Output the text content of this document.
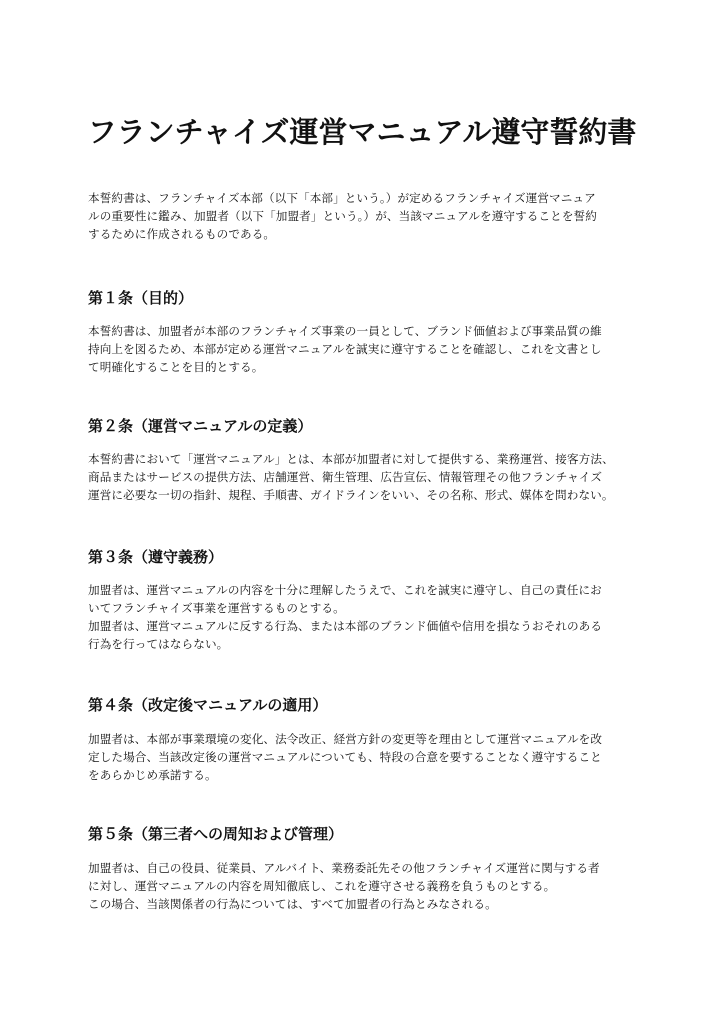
フランチャイズ運営マニュアル遵守誓約書
本誓約書は、フランチャイズ本部（以下「本部」という。）が定めるフランチャイズ運営マニュア
ルの重要性に鑑み、加盟者（以下「加盟者」という。）が、当該マニュアルを遵守することを誓約
するために作成されるものである。
第１条（目的）
本誓約書は、加盟者が本部のフランチャイズ事業の一員として、ブランド価値および事業品質の維
持向上を図るため、本部が定める運営マニュアルを誠実に遵守することを確認し、これを文書とし
て明確化することを目的とする。
第２条（運営マニュアルの定義）
本誓約書において「運営マニュアル」とは、本部が加盟者に対して提供する、業務運営、接客方法、
商品またはサービスの提供方法、店舗運営、衛生管理、広告宣伝、情報管理その他フランチャイズ
運営に必要な一切の指針、規程、手順書、ガイドラインをいい、その名称、形式、媒体を問わない。
第３条（遵守義務）
加盟者は、運営マニュアルの内容を十分に理解したうえで、これを誠実に遵守し、自己の責任にお
いてフランチャイズ事業を運営するものとする。
加盟者は、運営マニュアルに反する行為、または本部のブランド価値や信用を損なうおそれのある
行為を行ってはならない。
第４条（改定後マニュアルの適用）
加盟者は、本部が事業環境の変化、法令改正、経営方針の変更等を理由として運営マニュアルを改
定した場合、当該改定後の運営マニュアルについても、特段の合意を要することなく遵守すること
をあらかじめ承諾する。
第５条（第三者への周知および管理）
加盟者は、自己の役員、従業員、アルバイト、業務委託先その他フランチャイズ運営に関与する者
に対し、運営マニュアルの内容を周知徹底し、これを遵守させる義務を負うものとする。
この場合、当該関係者の行為については、すべて加盟者の行為とみなされる。
